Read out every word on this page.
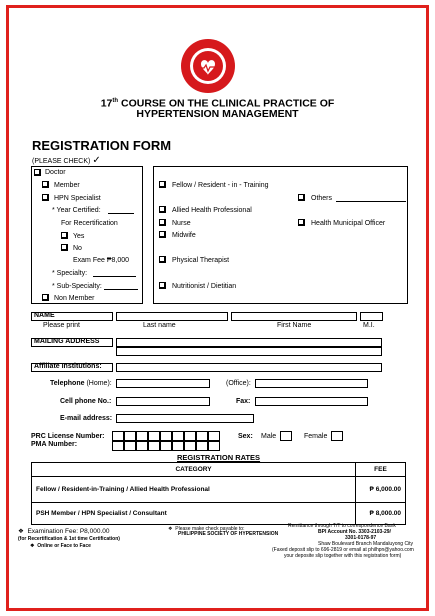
17th COURSE ON THE CLINICAL PRACTICE OF
HYPERTENSION MANAGEMENT
REGISTRATION FORM
(PLEASE CHECK) ✓
Doctor
Member
HPN Specialist
* Year Certified:
For Recertification
Yes
No
Exam Fee ₱8,000
* Specialty:
* Sub-Specialty:
Non Member
Fellow / Resident - in - Training
Others
Allied Health Professional
Nurse	Health Municipal Officer
Midwife
Physical Therapist
Nutritionist / Dietitian
NAME
Please print	Last name	First Name	M.I.
MAILING ADDRESS
Affiliate Institutions:
Telephone (Home):	(Office):
Cell phone No.:	Fax:
E-mail address:
PRC License Number:
PMA Number:
Sex: Male	Female
REGISTRATION RATES
CATEGORY	FEE
Fellow / Resident-in-Training / Allied Health Professional	₱ 6,000.00
PSH Member / HPN Specialist / Consultant	₱ 8,000.00
❖  Examination Fee: P8,000.00
(for Recertification & 1st time Certification)
❖  Online or Face to Face
❖  Please make check payable to:
PHILIPPINE SOCIETY OF HYPERTENSION
Remittance through T/T to correspondence Bank
BPI Account No. 3303-2103-29/
3301-0178-97
Shaw Boulevard Branch Mandaluyong City
(Faxed deposit slip to 696-2819 or email at philhpn@yahoo.com
your deposite slip together with this registration form)
